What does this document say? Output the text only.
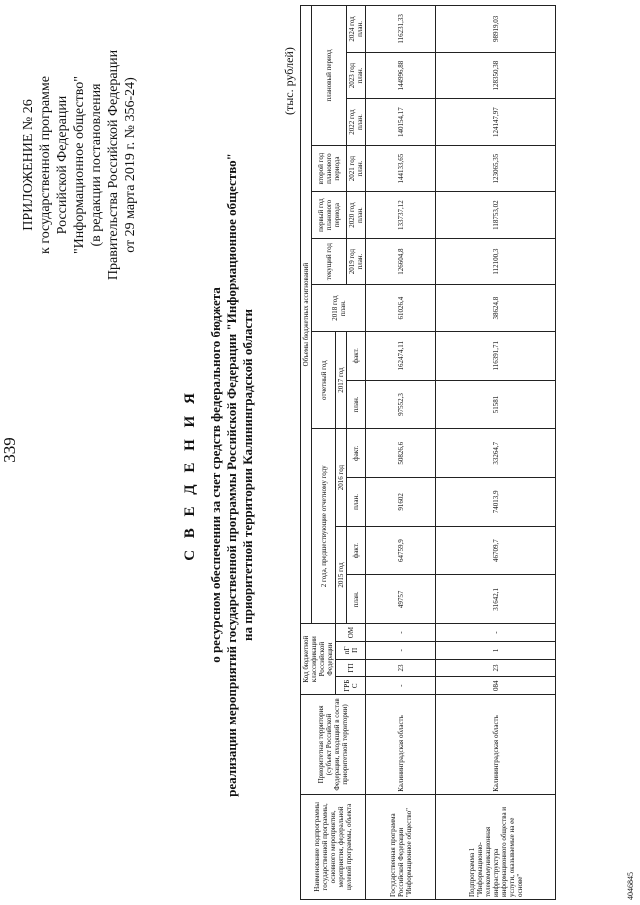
339
ПРИЛОЖЕНИЕ № 26 к государственной программе Российской Федерации "Информационное общество" (в редакции постановления Правительства Российской Федерации от 29 марта 2019 г. № 356-24)
С В Е Д Е Н И Я о ресурсном обеспечении за счет средств федерального бюджета реализации мероприятий государственной программы Российской Федерации "Информационное общество" на приоритетной территории Калининградской области
(тыс. рублей)
Наименование подпрограммы государственной программы, основного мероприятия, мероприятия, федеральной целевой программы, объекта	Приоритетная территория (субъект Российской Федерации, входящий в состав приоритетной территории)	Код бюджетной классификации Российской Федерации				Объемы бюджетных ассигнований												
						2 года, предшествующие отчетному году				отчетный год		2018 год план.	текущий год	первый год планового периода	второй год планового периода	плановый период		
		ГРБС	ГП	пГП	ОМ	2015 год		2016 год		2017 год								
						план.	факт.	план.	факт.	план.	факт.		2019 год план.	2020 год план.	2021 год план.	2022 год план.	2023 год план.	2024 год план.
Государственная программа Российской Федерации "Информационное общество"	Калининградская область	-	23	-	-	49757	64759,9	91602	50826,6	97552,3	162474,11	61026,4	126604,8	133737,12	144133,65	140154,17	144996,88	116231,33
Подпрограмма 1 "Информационно-телекоммуникационная инфраструктура информационного общества и услуги, оказываемые на ее основе"	Калининградская область	084	23	1	-	31642,1	46709,7	74013,9	33264,7	51581	116391,71	38624,8	112100,3	118753,02	123065,35	124147,97	128350,38	98919,03
4046845
